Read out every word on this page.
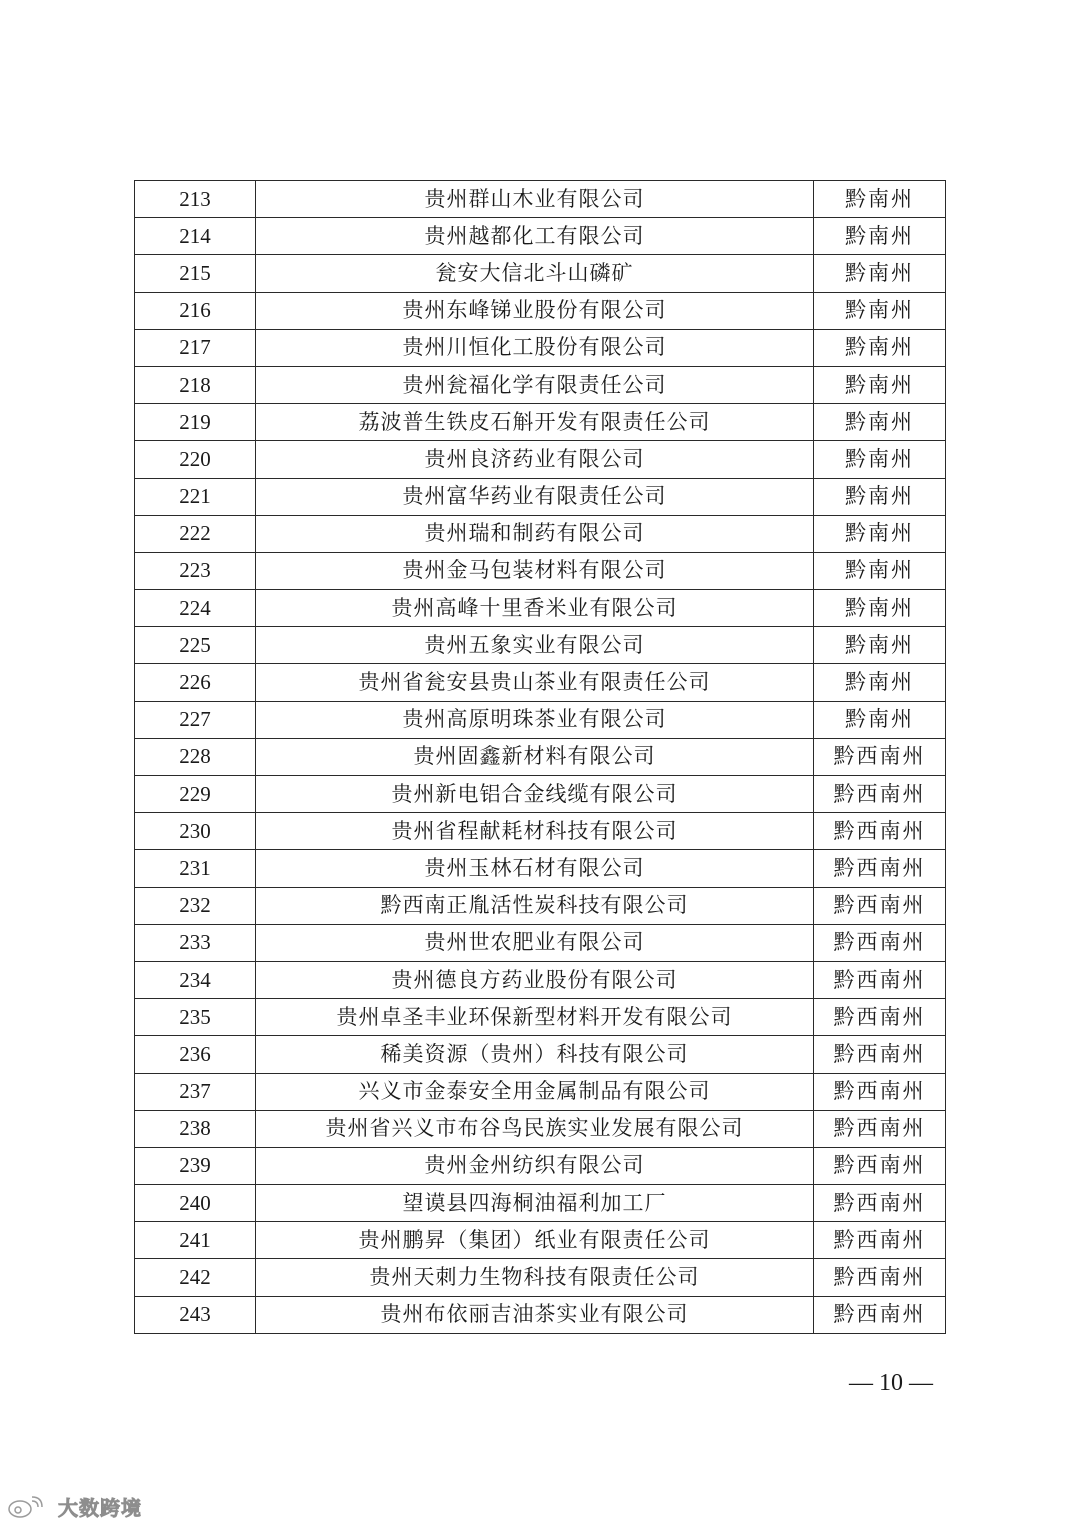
213	贵州群山木业有限公司	黔南州
214	贵州越都化工有限公司	黔南州
215	瓮安大信北斗山磷矿	黔南州
216	贵州东峰锑业股份有限公司	黔南州
217	贵州川恒化工股份有限公司	黔南州
218	贵州瓮福化学有限责任公司	黔南州
219	荔波普生铁皮石斛开发有限责任公司	黔南州
220	贵州良济药业有限公司	黔南州
221	贵州富华药业有限责任公司	黔南州
222	贵州瑞和制药有限公司	黔南州
223	贵州金马包装材料有限公司	黔南州
224	贵州高峰十里香米业有限公司	黔南州
225	贵州五象实业有限公司	黔南州
226	贵州省瓮安县贵山茶业有限责任公司	黔南州
227	贵州高原明珠茶业有限公司	黔南州
228	贵州固鑫新材料有限公司	黔西南州
229	贵州新电铝合金线缆有限公司	黔西南州
230	贵州省程献耗材科技有限公司	黔西南州
231	贵州玉林石材有限公司	黔西南州
232	黔西南正胤活性炭科技有限公司	黔西南州
233	贵州世农肥业有限公司	黔西南州
234	贵州德良方药业股份有限公司	黔西南州
235	贵州卓圣丰业环保新型材料开发有限公司	黔西南州
236	稀美资源（贵州）科技有限公司	黔西南州
237	兴义市金泰安全用金属制品有限公司	黔西南州
238	贵州省兴义市布谷鸟民族实业发展有限公司	黔西南州
239	贵州金州纺织有限公司	黔西南州
240	望谟县四海桐油福利加工厂	黔西南州
241	贵州鹏昇（集团）纸业有限责任公司	黔西南州
242	贵州天刺力生物科技有限责任公司	黔西南州
243	贵州布依丽吉油茶实业有限公司	黔西南州
— 10 —
大数跨境
